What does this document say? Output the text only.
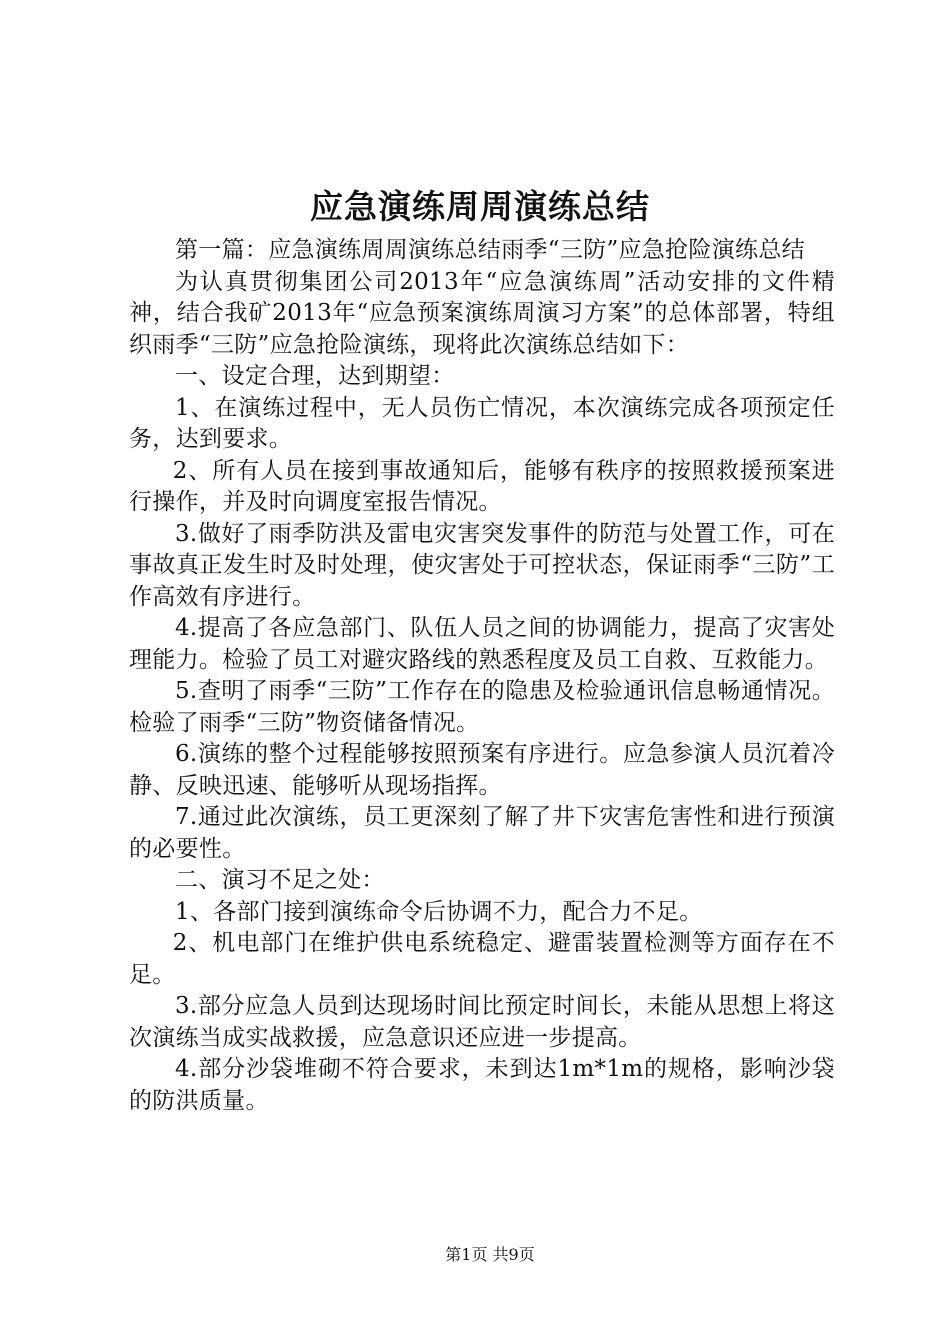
应急演练周周演练总结

第一篇：应急演练周周演练总结雨季“三防”应急抢险演练总结

为认真贯彻集团公司2013年“应急演练周”活动安排的文件精神，结合我矿2013年“应急预案演练周演习方案”的总体部署，特组织雨季“三防”应急抢险演练，现将此次演练总结如下：

一、设定合理，达到期望：

1、在演练过程中，无人员伤亡情况，本次演练完成各项预定任务，达到要求。

2、所有人员在接到事故通知后，能够有秩序的按照救援预案进行操作，并及时向调度室报告情况。

3.做好了雨季防洪及雷电灾害突发事件的防范与处置工作，可在事故真正发生时及时处理，使灾害处于可控状态，保证雨季“三防”工作高效有序进行。

4.提高了各应急部门、队伍人员之间的协调能力，提高了灾害处理能力。检验了员工对避灾路线的熟悉程度及员工自救、互救能力。

5.查明了雨季“三防”工作存在的隐患及检验通讯信息畅通情况。检验了雨季“三防”物资储备情况。

6.演练的整个过程能够按照预案有序进行。应急参演人员沉着冷静、反映迅速、能够听从现场指挥。

7.通过此次演练，员工更深刻了解了井下灾害危害性和进行预演的必要性。

二、演习不足之处：

1、各部门接到演练命令后协调不力，配合力不足。

2、机电部门在维护供电系统稳定、避雷装置检测等方面存在不足。

3.部分应急人员到达现场时间比预定时间长，未能从思想上将这次演练当成实战救援，应急意识还应进一步提高。

4.部分沙袋堆砌不符合要求，未到达1m*1m的规格，影响沙袋的防洪质量。

第1页 共9页
